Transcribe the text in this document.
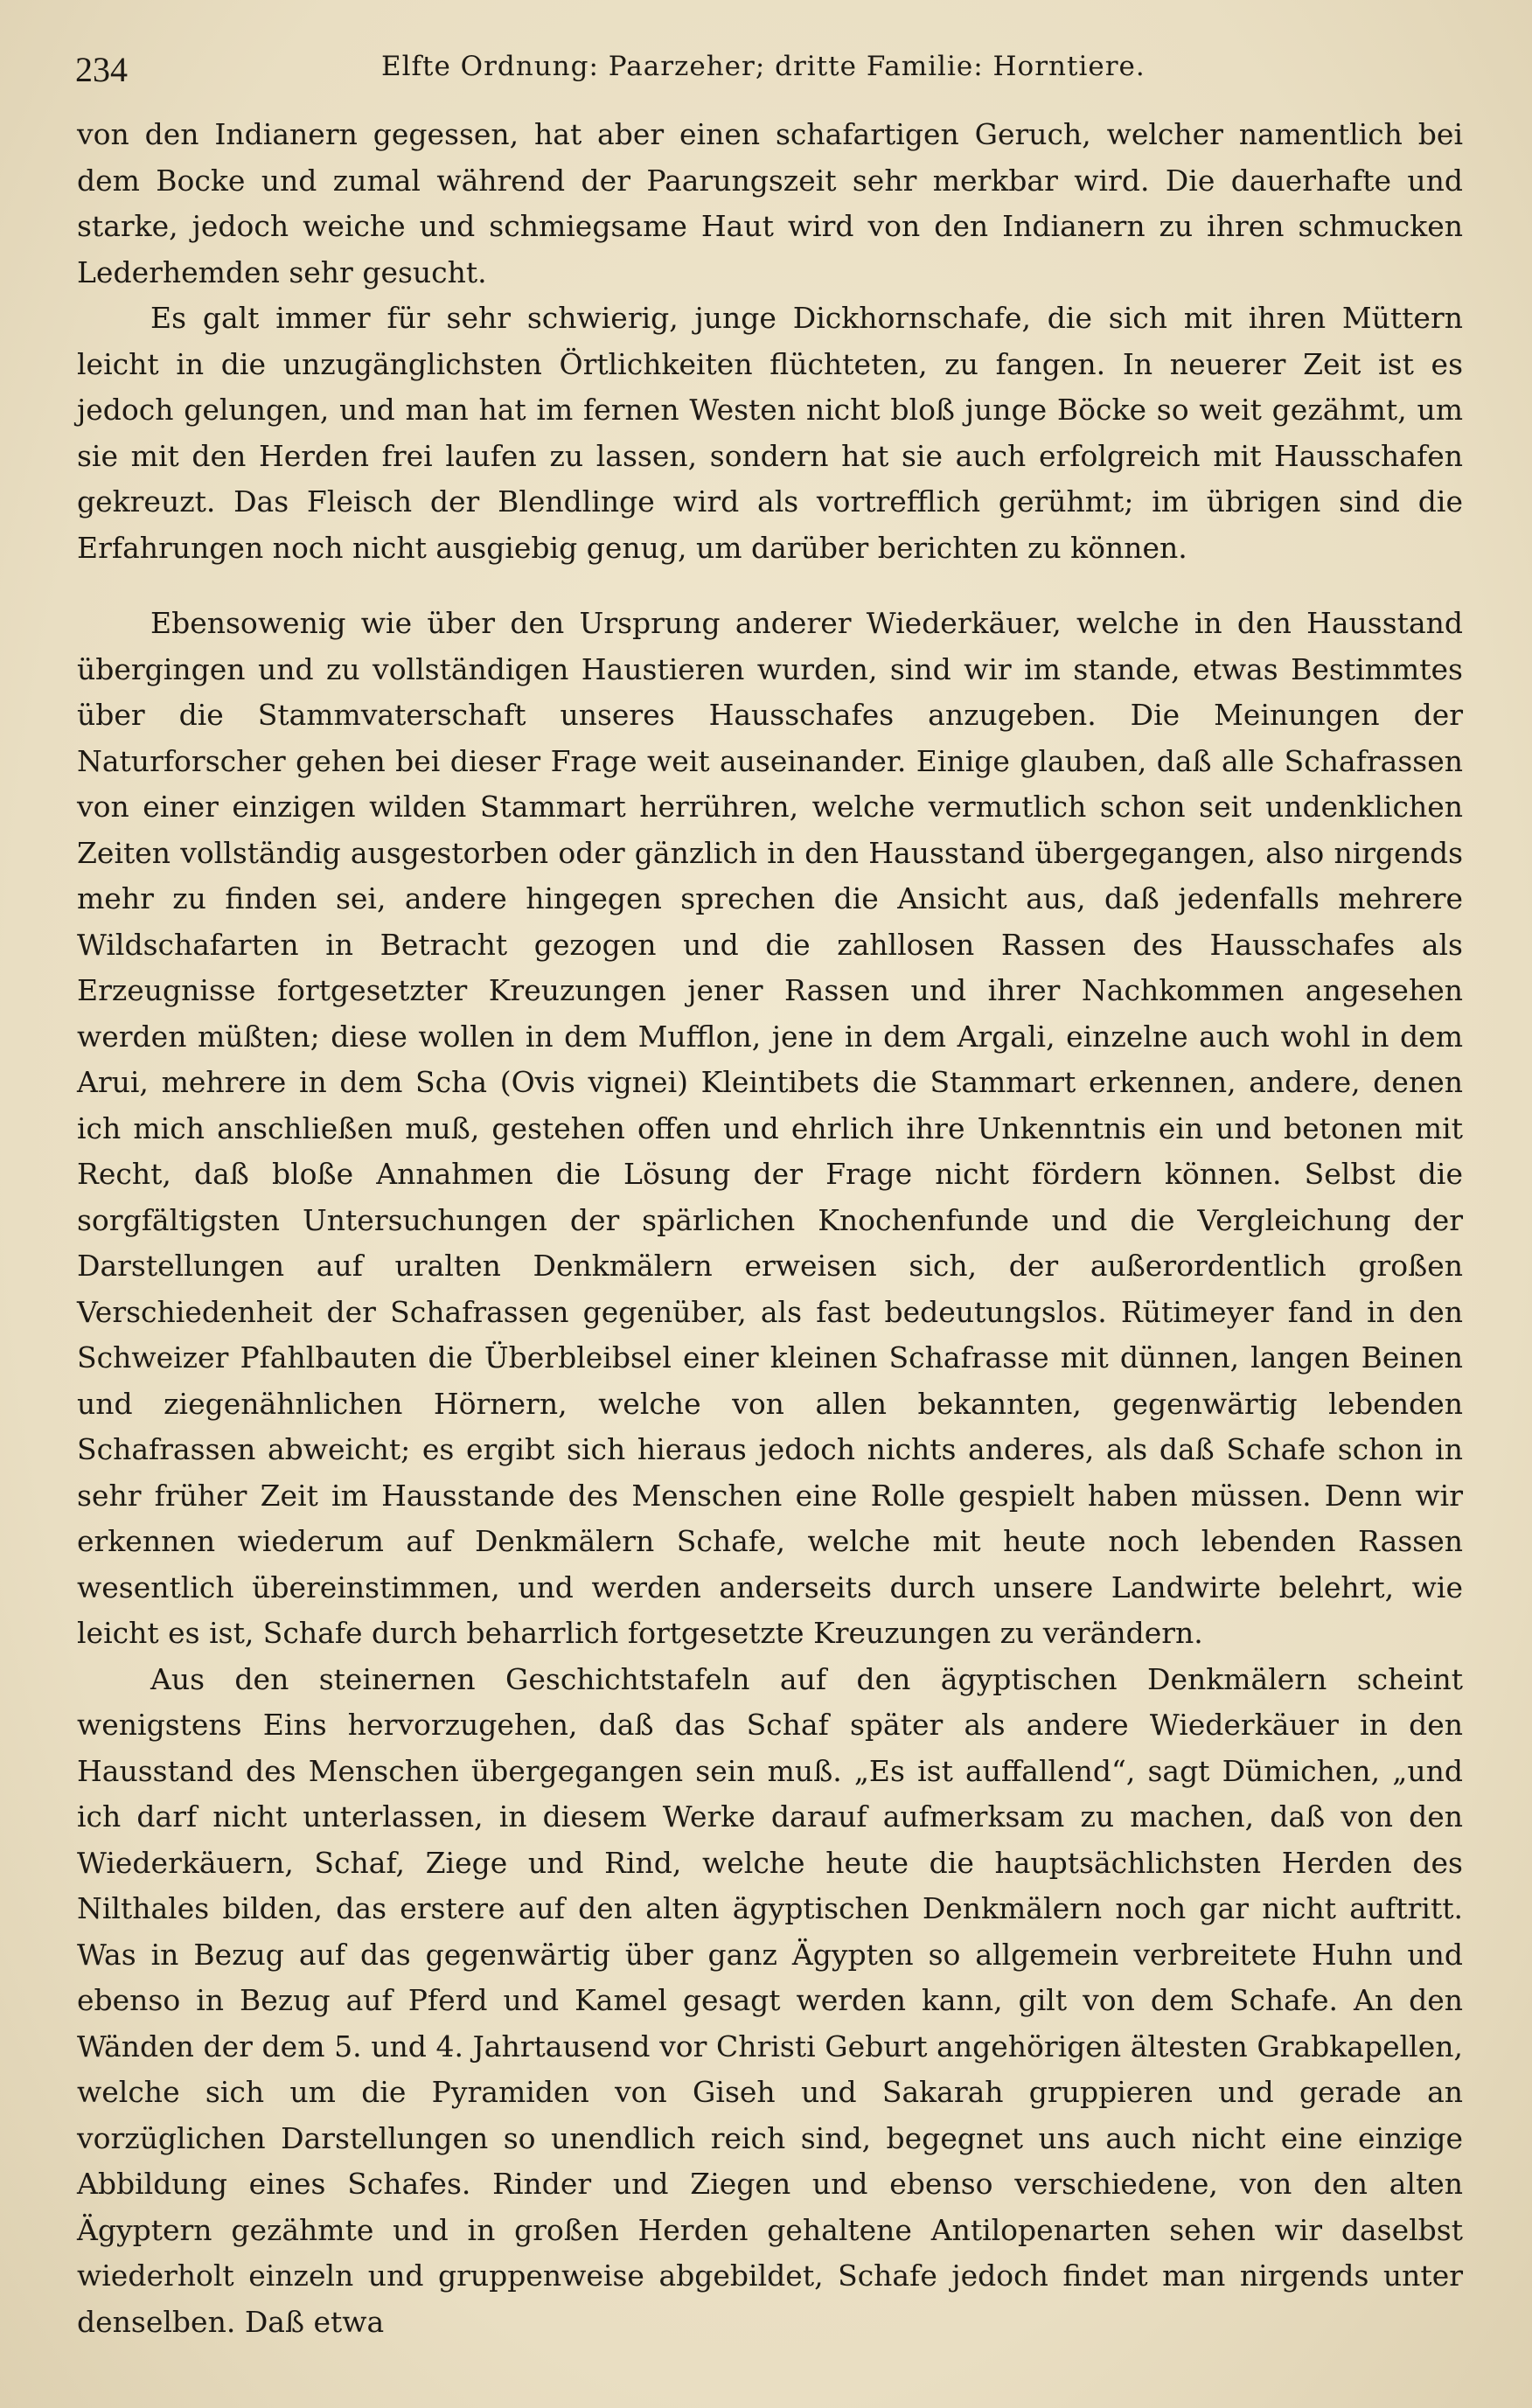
234	Elfte Ordnung: Paarzeher; dritte Familie: Horntiere.

von den Indianern gegessen, hat aber einen schafartigen Geruch, welcher namentlich bei dem Bocke und zumal während der Paarungszeit sehr merkbar wird. Die dauerhafte und starke, jedoch weiche und schmiegsame Haut wird von den Indianern zu ihren schmucken Lederhemden sehr gesucht.

Es galt immer für sehr schwierig, junge Dickhornschafe, die sich mit ihren Müttern leicht in die unzugänglichsten Örtlichkeiten flüchteten, zu fangen. In neuerer Zeit ist es jedoch gelungen, und man hat im fernen Westen nicht bloß junge Böcke so weit gezähmt, um sie mit den Herden frei laufen zu lassen, sondern hat sie auch erfolgreich mit Hausschafen gekreuzt. Das Fleisch der Blendlinge wird als vortrefflich gerühmt; im übrigen sind die Erfahrungen noch nicht ausgiebig genug, um darüber berichten zu können.

Ebensowenig wie über den Ursprung anderer Wiederkäuer, welche in den Hausstand übergingen und zu vollständigen Haustieren wurden, sind wir im stande, etwas Bestimmtes über die Stammvaterschaft unseres Hausschafes anzugeben. Die Meinungen der Naturforscher gehen bei dieser Frage weit auseinander. Einige glauben, daß alle Schafrassen von einer einzigen wilden Stammart herrühren, welche vermutlich schon seit undenklichen Zeiten vollständig ausgestorben oder gänzlich in den Hausstand übergegangen, also nirgends mehr zu finden sei, andere hingegen sprechen die Ansicht aus, daß jedenfalls mehrere Wildschafarten in Betracht gezogen und die zahllosen Rassen des Hausschafes als Erzeugnisse fortgesetzter Kreuzungen jener Rassen und ihrer Nachkommen angesehen werden müßten; diese wollen in dem Mufflon, jene in dem Argali, einzelne auch wohl in dem Arui, mehrere in dem Scha (Ovis vignei) Kleintibets die Stammart erkennen, andere, denen ich mich anschließen muß, gestehen offen und ehrlich ihre Unkenntnis ein und betonen mit Recht, daß bloße Annahmen die Lösung der Frage nicht fördern können. Selbst die sorgfältigsten Untersuchungen der spärlichen Knochenfunde und die Vergleichung der Darstellungen auf uralten Denkmälern erweisen sich, der außerordentlich großen Verschiedenheit der Schafrassen gegenüber, als fast bedeutungslos. Rütimeyer fand in den Schweizer Pfahlbauten die Überbleibsel einer kleinen Schafrasse mit dünnen, langen Beinen und ziegenähnlichen Hörnern, welche von allen bekannten, gegenwärtig lebenden Schafrassen abweicht; es ergibt sich hieraus jedoch nichts anderes, als daß Schafe schon in sehr früher Zeit im Hausstande des Menschen eine Rolle gespielt haben müssen. Denn wir erkennen wiederum auf Denkmälern Schafe, welche mit heute noch lebenden Rassen wesentlich übereinstimmen, und werden anderseits durch unsere Landwirte belehrt, wie leicht es ist, Schafe durch beharrlich fortgesetzte Kreuzungen zu verändern.

Aus den steinernen Geschichtstafeln auf den ägyptischen Denkmälern scheint wenigstens Eins hervorzugehen, daß das Schaf später als andere Wiederkäuer in den Hausstand des Menschen übergegangen sein muß. „Es ist auffallend“, sagt Dümichen, „und ich darf nicht unterlassen, in diesem Werke darauf aufmerksam zu machen, daß von den Wiederkäuern, Schaf, Ziege und Rind, welche heute die hauptsächlichsten Herden des Nilthales bilden, das erstere auf den alten ägyptischen Denkmälern noch gar nicht auftritt. Was in Bezug auf das gegenwärtig über ganz Ägypten so allgemein verbreitete Huhn und ebenso in Bezug auf Pferd und Kamel gesagt werden kann, gilt von dem Schafe. An den Wänden der dem 5. und 4. Jahrtausend vor Christi Geburt angehörigen ältesten Grabkapellen, welche sich um die Pyramiden von Giseh und Sakarah gruppieren und gerade an vorzüglichen Darstellungen so unendlich reich sind, begegnet uns auch nicht eine einzige Abbildung eines Schafes. Rinder und Ziegen und ebenso verschiedene, von den alten Ägyptern gezähmte und in großen Herden gehaltene Antilopenarten sehen wir daselbst wiederholt einzeln und gruppenweise abgebildet, Schafe jedoch findet man nirgends unter denselben. Daß etwa
